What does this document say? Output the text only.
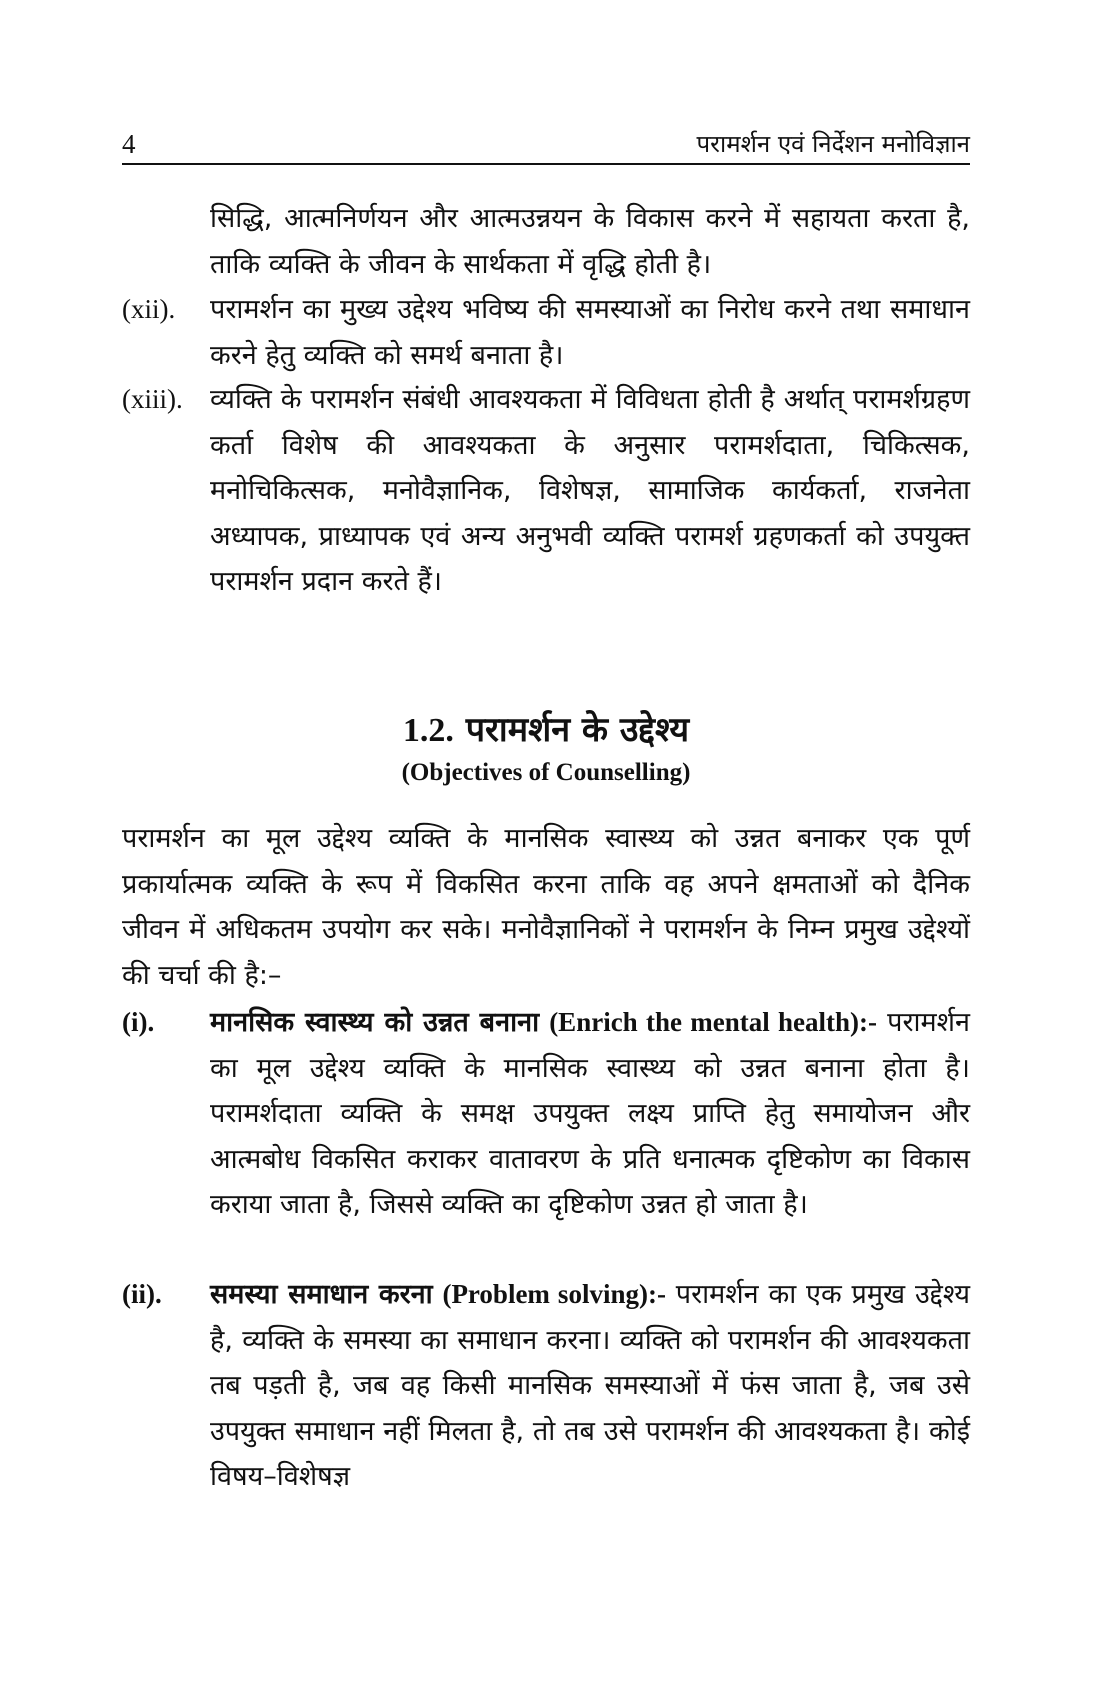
4	परामर्शन एवं निर्देशन मनोविज्ञान
सिद्धि, आत्मनिर्णयन और आत्मउन्नयन के विकास करने में सहायता करता है, ताकि व्यक्ति के जीवन के सार्थकता में वृद्धि होती है।
(xii).	परामर्शन का मुख्य उद्देश्य भविष्य की समस्याओं का निरोध करने तथा समाधान करने हेतु व्यक्ति को समर्थ बनाता है।
(xiii).	व्यक्ति के परामर्शन संबंधी आवश्यकता में विविधता होती है अर्थात् परामर्शग्रहण कर्ता विशेष की आवश्यकता के अनुसार परामर्शदाता, चिकित्सक, मनोचिकित्सक, मनोवैज्ञानिक, विशेषज्ञ, सामाजिक कार्यकर्ता, राजनेता अध्यापक, प्राध्यापक एवं अन्य अनुभवी व्यक्ति परामर्श ग्रहणकर्ता को उपयुक्त परामर्शन प्रदान करते हैं।
1.2. परामर्शन के उद्देश्य
(Objectives of Counselling)
परामर्शन का मूल उद्देश्य व्यक्ति के मानसिक स्वास्थ्य को उन्नत बनाकर एक पूर्ण प्रकार्यात्मक व्यक्ति के रूप में विकसित करना ताकि वह अपने क्षमताओं को दैनिक जीवन में अधिकतम उपयोग कर सके। मनोवैज्ञानिकों ने परामर्शन के निम्न प्रमुख उद्देश्यों की चर्चा की है:–
(i).	मानसिक स्वास्थ्य को उन्नत बनाना (Enrich the mental health):- परामर्शन का मूल उद्देश्य व्यक्ति के मानसिक स्वास्थ्य को उन्नत बनाना होता है। परामर्शदाता व्यक्ति के समक्ष उपयुक्त लक्ष्य प्राप्ति हेतु समायोजन और आत्मबोध विकसित कराकर वातावरण के प्रति धनात्मक दृष्टिकोण का विकास कराया जाता है, जिससे व्यक्ति का दृष्टिकोण उन्नत हो जाता है।
(ii).	समस्या समाधान करना (Problem solving):- परामर्शन का एक प्रमुख उद्देश्य है, व्यक्ति के समस्या का समाधान करना। व्यक्ति को परामर्शन की आवश्यकता तब पड़ती है, जब वह किसी मानसिक समस्याओं में फंस जाता है, जब उसे उपयुक्त समाधान नहीं मिलता है, तो तब उसे परामर्शन की आवश्यकता है। कोई विषय–विशेषज्ञ
